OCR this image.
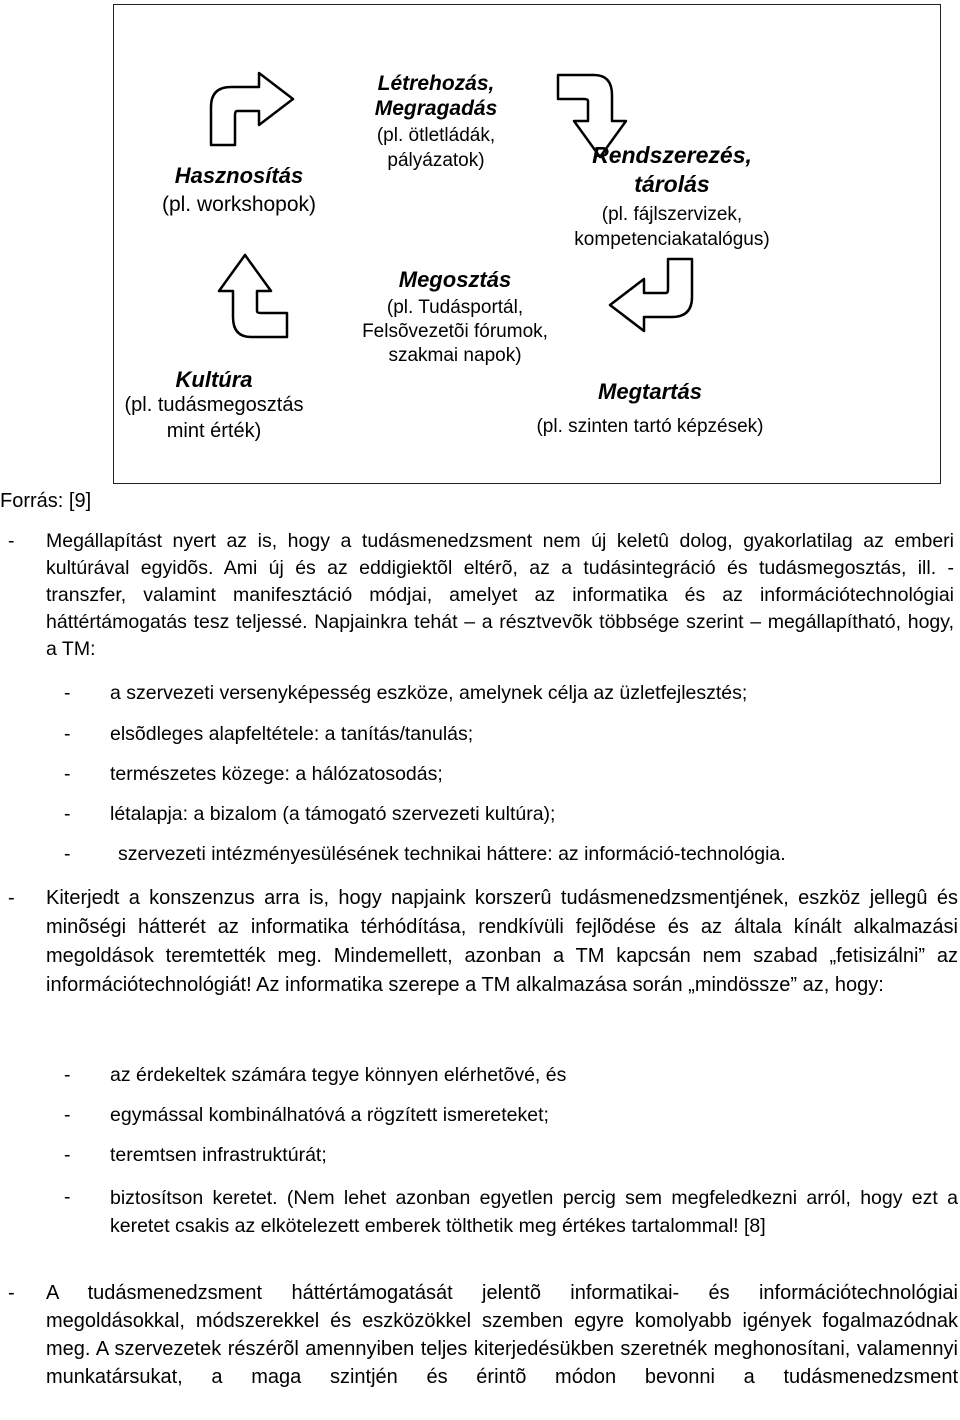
Létrehozás, Megragadás
(pl. ötletládák, pályázatok)	Rendszerezés, tárolás
(pl. fájlszervizek, kompetenciakatalógus)
Hasznosítás
(pl. workshopok)
Megosztás
(pl. Tudásportál, Felsõvezetõi fórumok, szakmai napok)
Megtartás
(pl. szinten tartó képzések)
Kultúra
(pl. tudásmegosztás mint érték)
Forrás: [9]
- Megállapítást nyert az is, hogy a tudásmenedzsment nem új keletû dolog, gyakorlatilag az emberi kultúrával egyidõs. Ami új és az eddigiektõl eltérõ, az a tudásintegráció és tudásmegosztás, ill. - transzfer, valamint manifesztáció módjai, amelyet az informatika és az információtechnológiai háttértámogatás tesz teljessé. Napjainkra tehát – a résztvevõk többsége szerint – megállapítható, hogy, a TM:
- a szervezeti versenyképesség eszköze, amelynek célja az üzletfejlesztés;
- elsõdleges alapfeltétele: a tanítás/tanulás;
- természetes közege: a hálózatosodás;
- létalapja: a bizalom (a támogató szervezeti kultúra);
- szervezeti intézményesülésének technikai háttere: az információ-technológia.
- Kiterjedt a konszenzus arra is, hogy napjaink korszerû tudásmenedzsmentjének, eszköz jellegû és minõségi hátterét az informatika térhódítása, rendkívüli fejlõdése és az általa kínált alkalmazási megoldások teremtették meg. Mindemellett, azonban a TM kapcsán nem szabad „fetisizálni” az információtechnológiát! Az informatika szerepe a TM alkalmazása során „mindössze” az, hogy:
- az érdekeltek számára tegye könnyen elérhetõvé, és
- egymással kombinálhatóvá a rögzített ismereteket;
- teremtsen infrastruktúrát;
- biztosítson keretet. (Nem lehet azonban egyetlen percig sem megfeledkezni arról, hogy ezt a keretet csakis az elkötelezett emberek tölthetik meg értékes tartalommal! [8]
- A tudásmenedzsment háttértámogatását jelentõ informatikai- és információtechnológiai megoldásokkal, módszerekkel és eszközökkel szemben egyre komolyabb igények fogalmazódnak meg. A szervezetek részérõl amennyiben teljes kiterjedésükben szeretnék meghonosítani, valamennyi munkatársukat, a maga szintjén és érintõ módon bevonni a tudásmenedzsment
